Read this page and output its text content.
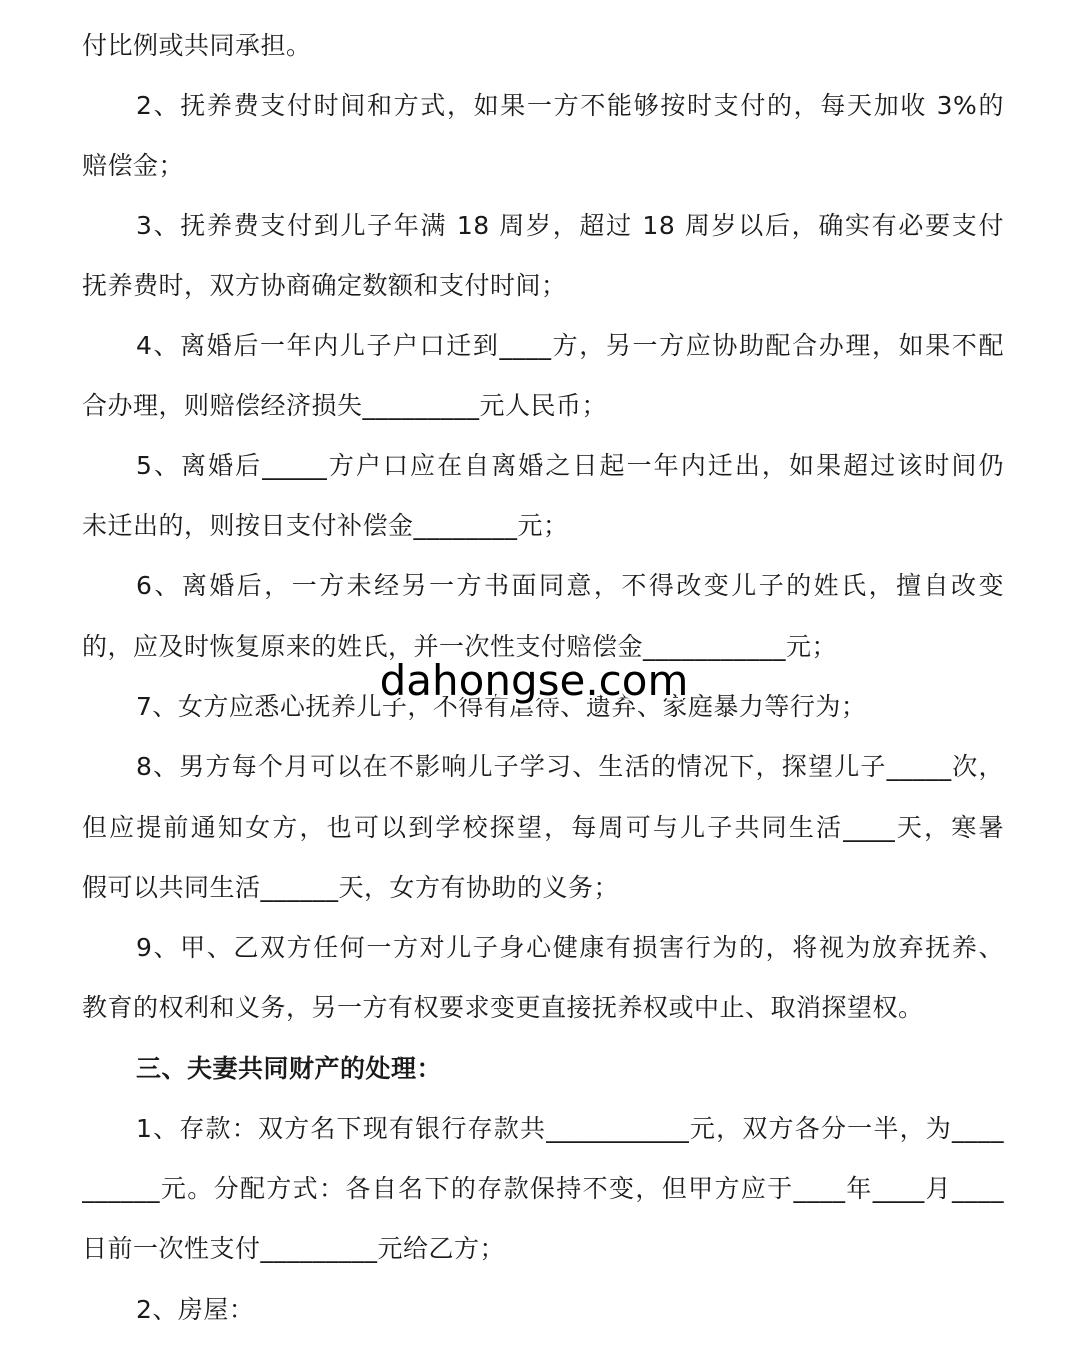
付比例或共同承担。
2、抚养费支付时间和方式，如果一方不能够按时支付的，每天加收 3%的
赔偿金；
3、抚养费支付到儿子年满 18 周岁，超过 18 周岁以后，确实有必要支付
抚养费时，双方协商确定数额和支付时间；
4、离婚后一年内儿子户口迁到____方，另一方应协助配合办理，如果不配
合办理，则赔偿经济损失_________元人民币；
5、离婚后_____方户口应在自离婚之日起一年内迁出，如果超过该时间仍
未迁出的，则按日支付补偿金________元；
6、离婚后，一方未经另一方书面同意，不得改变儿子的姓氏，擅自改变
的，应及时恢复原来的姓氏，并一次性支付赔偿金___________元；
7、女方应悉心抚养儿子，不得有虐待、遗弃、家庭暴力等行为；
8、男方每个月可以在不影响儿子学习、生活的情况下，探望儿子_____次，
但应提前通知女方，也可以到学校探望，每周可与儿子共同生活____天，寒暑
假可以共同生活______天，女方有协助的义务；
9、甲、乙双方任何一方对儿子身心健康有损害行为的，将视为放弃抚养、
教育的权利和义务，另一方有权要求变更直接抚养权或中止、取消探望权。
三、夫妻共同财产的处理：
1、存款：双方名下现有银行存款共___________元，双方各分一半，为____
______元。分配方式：各自名下的存款保持不变，但甲方应于____年____月____
日前一次性支付_________元给乙方；
2、房屋：
dahongse.com
